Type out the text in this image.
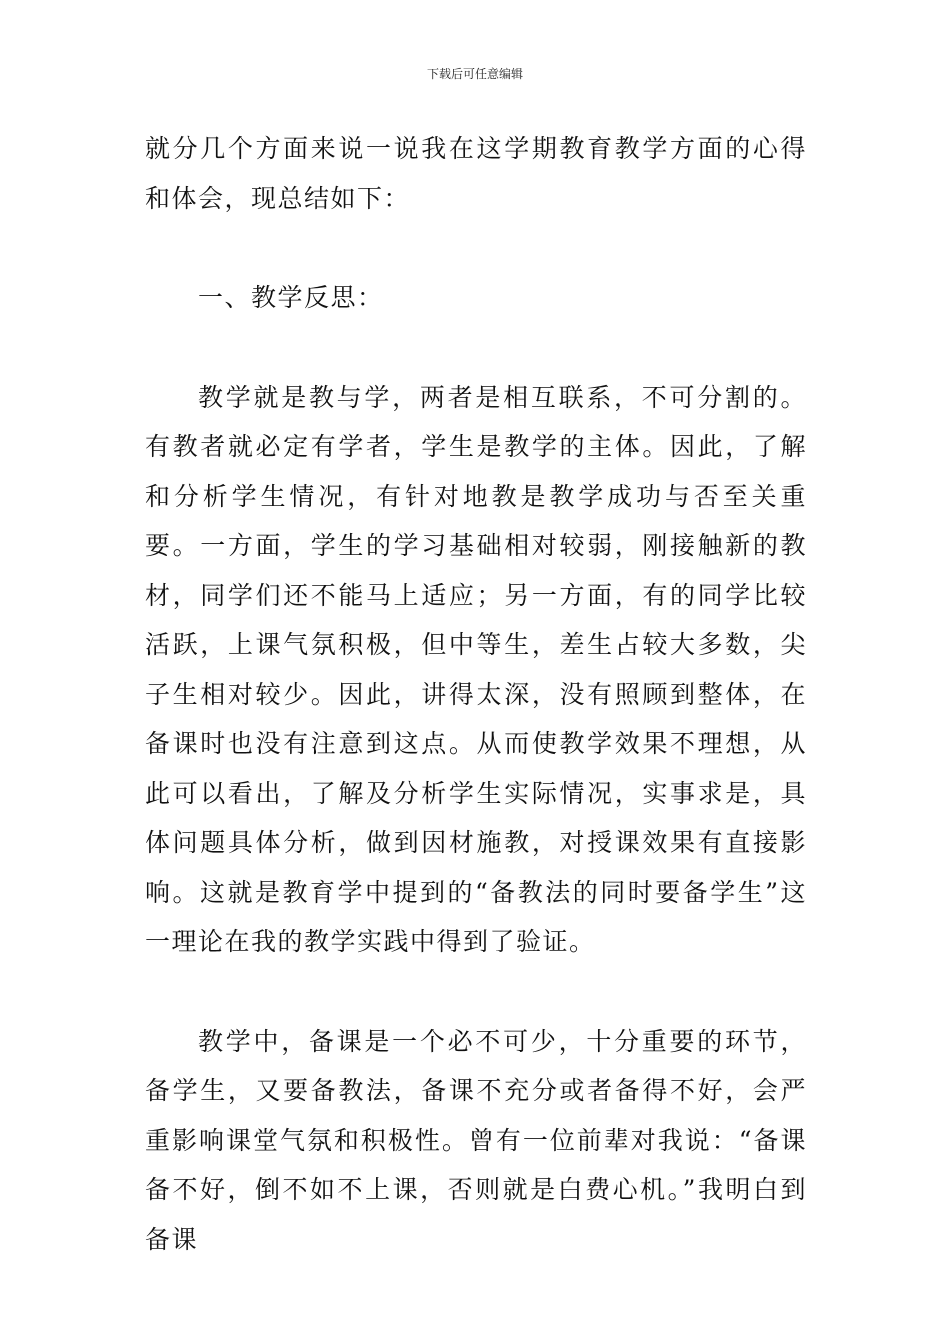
下载后可任意编辑

就分几个方面来说一说我在这学期教育教学方面的心得和体会，现总结如下：

一、教学反思：

教学就是教与学，两者是相互联系，不可分割的。有教者就必定有学者，学生是教学的主体。因此，了解和分析学生情况，有针对地教是教学成功与否至关重要。一方面，学生的学习基础相对较弱，刚接触新的教材，同学们还不能马上适应；另一方面，有的同学比较活跃，上课气氛积极，但中等生，差生占较大多数，尖子生相对较少。因此，讲得太深，没有照顾到整体，在备课时也没有注意到这点。从而使教学效果不理想，从此可以看出，了解及分析学生实际情况，实事求是，具体问题具体分析，做到因材施教，对授课效果有直接影响。这就是教育学中提到的“备教法的同时要备学生”这一理论在我的教学实践中得到了验证。

教学中，备课是一个必不可少，十分重要的环节，备学生，又要备教法，备课不充分或者备得不好，会严重影响课堂气氛和积极性。曾有一位前辈对我说：“备课备不好，倒不如不上课，否则就是白费心机。”我明白到备课
